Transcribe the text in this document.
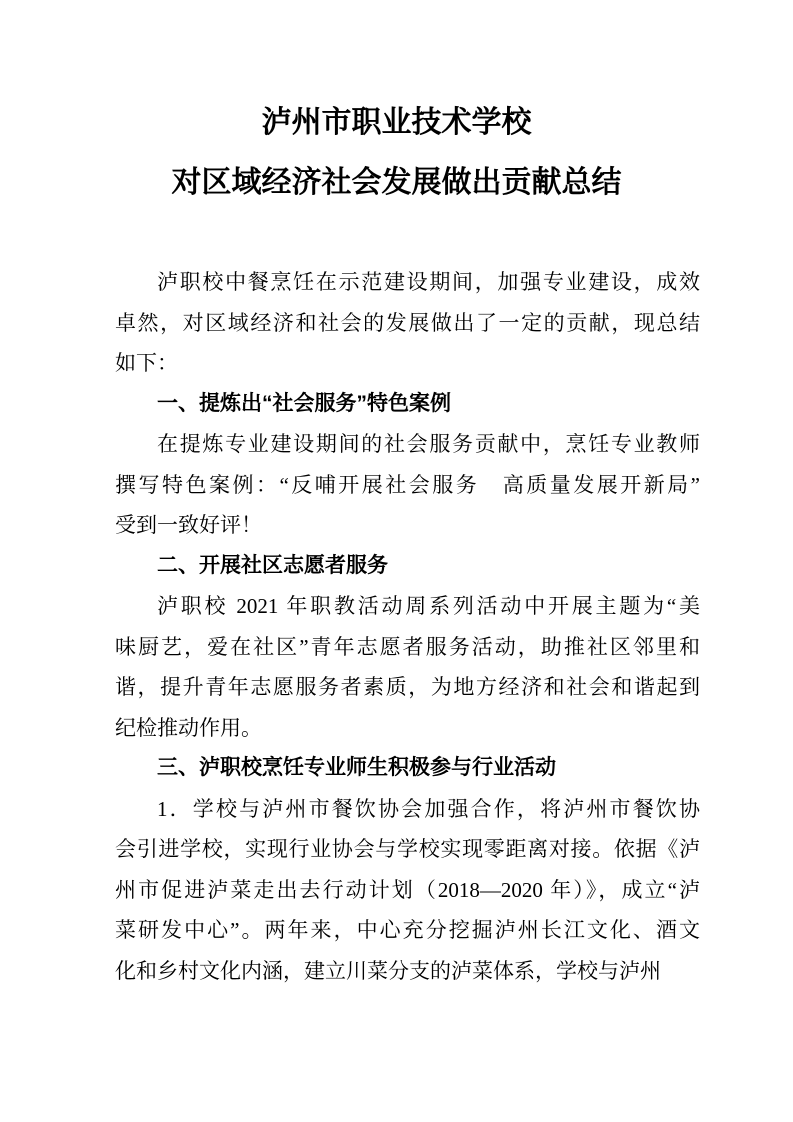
泸州市职业技术学校
对区域经济社会发展做出贡献总结
泸职校中餐烹饪在示范建设期间，加强专业建设，成效
卓然，对区域经济和社会的发展做出了一定的贡献，现总结
如下：
一、提炼出“社会服务”特色案例
在提炼专业建设期间的社会服务贡献中，烹饪专业教师
撰写特色案例：“反哺开展社会服务　高质量发展开新局”
受到一致好评！
二、开展社区志愿者服务
泸职校 2021 年职教活动周系列活动中开展主题为“美
味厨艺，爱在社区”青年志愿者服务活动，助推社区邻里和
谐，提升青年志愿服务者素质，为地方经济和社会和谐起到
纪检推动作用。
三、泸职校烹饪专业师生积极参与行业活动
1．学校与泸州市餐饮协会加强合作，将泸州市餐饮协
会引进学校，实现行业协会与学校实现零距离对接。依据《泸
州市促进泸菜走出去行动计划（2018—2020 年）》，成立“泸
菜研发中心”。两年来，中心充分挖掘泸州长江文化、酒文
化和乡村文化内涵，建立川菜分支的泸菜体系，学校与泸州
